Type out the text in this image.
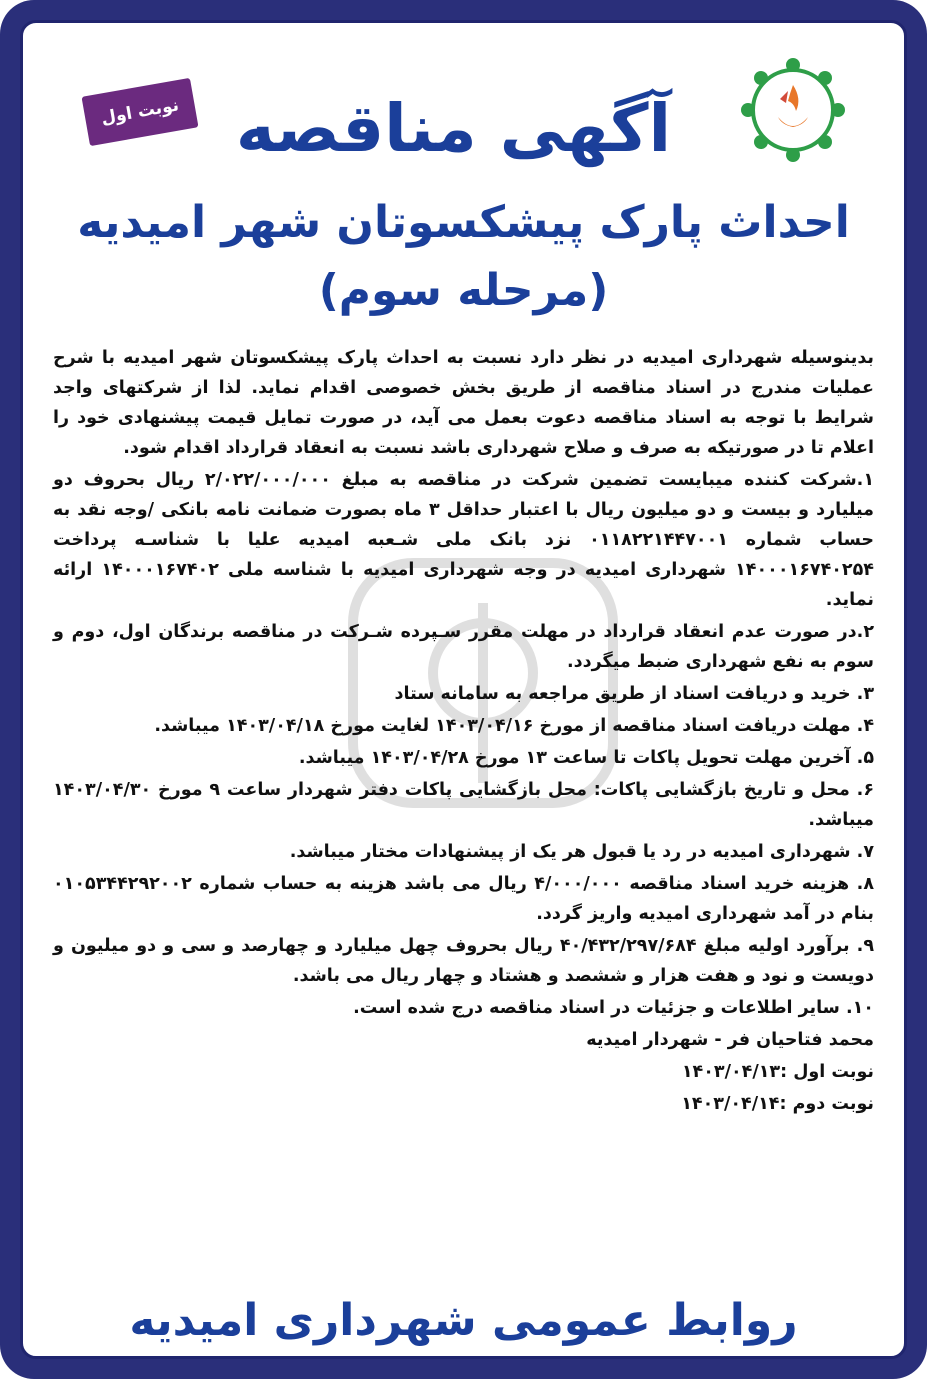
نوبت اول آگهی مناقصه
احداث پارک پیشکسوتان شهر امیدیه
(مرحله سوم)

بدینوسیله شهرداری امیدیه در نظر دارد نسبت به احداث پارک پیشکسوتان شهر امیدیه با شرح عملیات مندرج در اسناد مناقصه از طریق بخش خصوصی اقدام نماید. لذا از شرکتهای واجد شرایط با توجه به اسناد مناقصه دعوت بعمل می آید، در صورت تمایل قیمت پیشنهادی خود را اعلام تا در صورتیکه به صرف و صلاح شهرداری باشد نسبت به انعقاد قرارداد اقدام شود.

۱.شرکت کننده میبایست تضمین شرکت در مناقصه به مبلغ ۲/۰۲۲/۰۰۰/۰۰۰ ریال بحروف دو میلیارد و بیست و دو میلیون ریال با اعتبار حداقل ۳ ماه بصورت ضمانت نامه بانکی /وجه نقد به حساب شماره ۰۱۱۸۲۲۱۴۴۷۰۰۱ نزد بانک ملی شـعبه امیدیه علیا با شناسـه پرداخت ۱۴۰۰۰۱۶۷۴۰۲۵۴ شهرداری امیدیه در وجه شهرداری امیدیه با شناسه ملی ۱۴۰۰۰۱۶۷۴۰۲ ارائه نماید.

۲.در صورت عدم انعقاد قرارداد در مهلت مقرر سـپرده شـرکت در مناقصه برندگان اول، دوم و سوم به نفع شهرداری ضبط میگردد.

۳. خرید و دریافت اسناد از طریق مراجعه به سامانه ستاد

۴. مهلت دریافت اسناد مناقصه از مورخ ۱۴۰۳/۰۴/۱۶ لغایت مورخ ۱۴۰۳/۰۴/۱۸ میباشد.

۵. آخرین مهلت تحویل پاکات تا ساعت ۱۳ مورخ ۱۴۰۳/۰۴/۲۸ میباشد.

۶. محل و تاریخ بازگشایی پاکات: محل بازگشایی پاکات دفتر شهردار ساعت ۹ مورخ ۱۴۰۳/۰۴/۳۰ میباشد.

۷. شهرداری امیدیه در رد یا قبول هر یک از پیشنهادات مختار میباشد.

۸. هزینه خرید اسناد مناقصه ۴/۰۰۰/۰۰۰ ریال می باشد هزینه به حساب شماره ۰۱۰۵۳۴۴۲۹۲۰۰۲ بنام در آمد شهرداری امیدیه واریز گردد.

۹. برآورد اولیه مبلغ ۴۰/۴۳۲/۲۹۷/۶۸۴ ریال بحروف چهل میلیارد و چهارصد و سی و دو میلیون و دویست و نود و هفت هزار و ششصد و هشتاد و چهار ریال می باشد.

۱۰. سایر اطلاعات و جزئیات در اسناد مناقصه درج شده است.

محمد فتاحیان فر - شهردار امیدیه

نوبت اول :۱۴۰۳/۰۴/۱۳

نوبت دوم :۱۴۰۳/۰۴/۱۴

روابط عمومی شهرداری امیدیه
